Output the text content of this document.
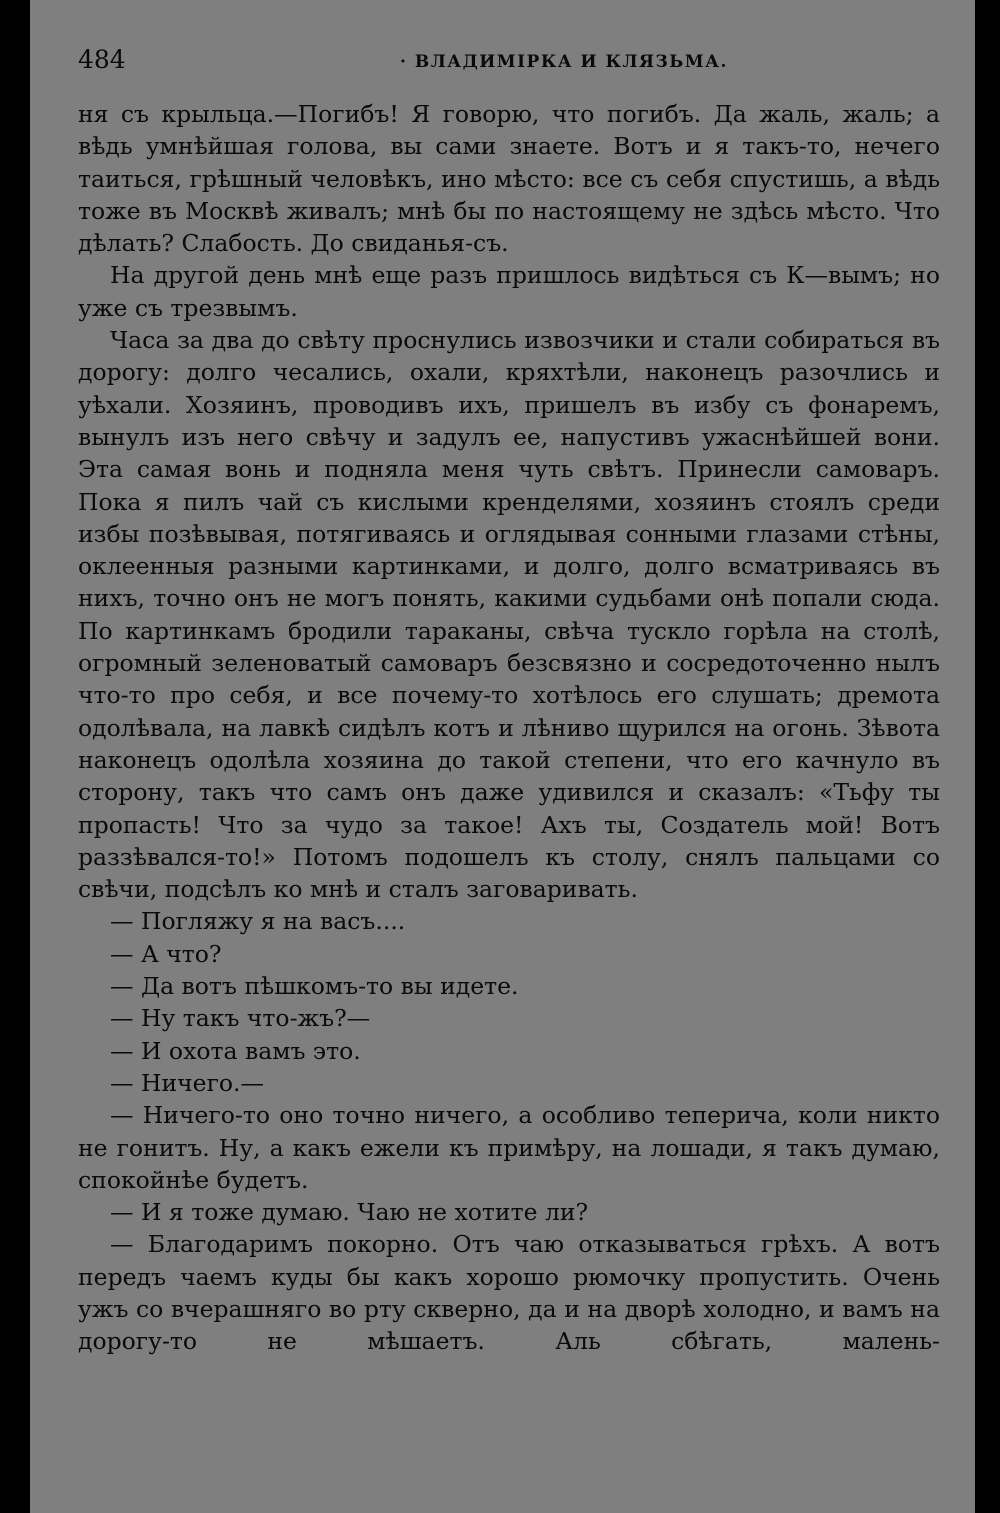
484	· ВЛАДИМIРКА И КЛЯЗЬМА.

ня съ крыльца.—Погибъ! Я говорю, что погибъ. Да жаль, жаль; а вѣдь умнѣйшая голова, вы сами знаете. Вотъ и я такъ-то, нечего таиться, грѣшный человѣкъ, ино мѣсто: все съ себя спустишь, а вѣдь тоже въ Москвѣ живалъ; мнѣ бы по настоящему не здѣсь мѣсто. Что дѣлать? Слабость. До свиданья-съ.

На другой день мнѣ еще разъ пришлось видѣться съ К—вымъ; но уже съ трезвымъ.

Часа за два до свѣту проснулись извозчики и стали собираться въ дорогу: долго чесались, охали, кряхтѣли, наконецъ разочлись и уѣхали. Хозяинъ, проводивъ ихъ, пришелъ въ избу съ фонаремъ, вынулъ изъ него свѣчу и задулъ ее, напустивъ ужаснѣйшей вони. Эта самая вонь и подняла меня чуть свѣтъ. Принесли самоваръ. Пока я пилъ чай съ кислыми кренделями, хозяинъ стоялъ среди избы позѣвывая, потягиваясь и оглядывая сонными глазами стѣны, оклеенныя разными картинками, и долго, долго всматриваясь въ нихъ, точно онъ не могъ понять, какими судьбами онѣ попали сюда. По картинкамъ бродили тараканы, свѣча тускло горѣла на столѣ, огромный зеленоватый самоваръ безсвязно и сосредоточенно нылъ что-то про себя, и все почему-то хотѣлось его слушать; дремота одолѣвала, на лавкѣ сидѣлъ котъ и лѣниво щурился на огонь. Зѣвота наконецъ одолѣла хозяина до такой степени, что его качнуло въ сторону, такъ что самъ онъ даже удивился и сказалъ: «Тьфу ты пропасть! Что за чудо за такое! Ахъ ты, Создатель мой! Вотъ раззѣвался-то!» Потомъ подошелъ къ столу, снялъ пальцами со свѣчи, подсѣлъ ко мнѣ и сталъ заговаривать.

— Погляжу я на васъ....

— А что?

— Да вотъ пѣшкомъ-то вы идете.

— Ну такъ что-жъ?—

— И охота вамъ это.

— Ничего.—

— Ничего-то оно точно ничего, а особливо теперича, коли никто не гонитъ. Ну, а какъ ежели къ примѣру, на лошади, я такъ думаю, спокойнѣе будетъ.

— И я тоже думаю. Чаю не хотите ли?

— Благодаримъ покорно. Отъ чаю отказываться грѣхъ. А вотъ передъ чаемъ куды бы какъ хорошо рюмочку пропустить. Очень ужъ со вчерашняго во рту скверно, да и на дворѣ холодно, и вамъ на дорогу-то не мѣшаетъ. Аль сбѣгать, малень-
